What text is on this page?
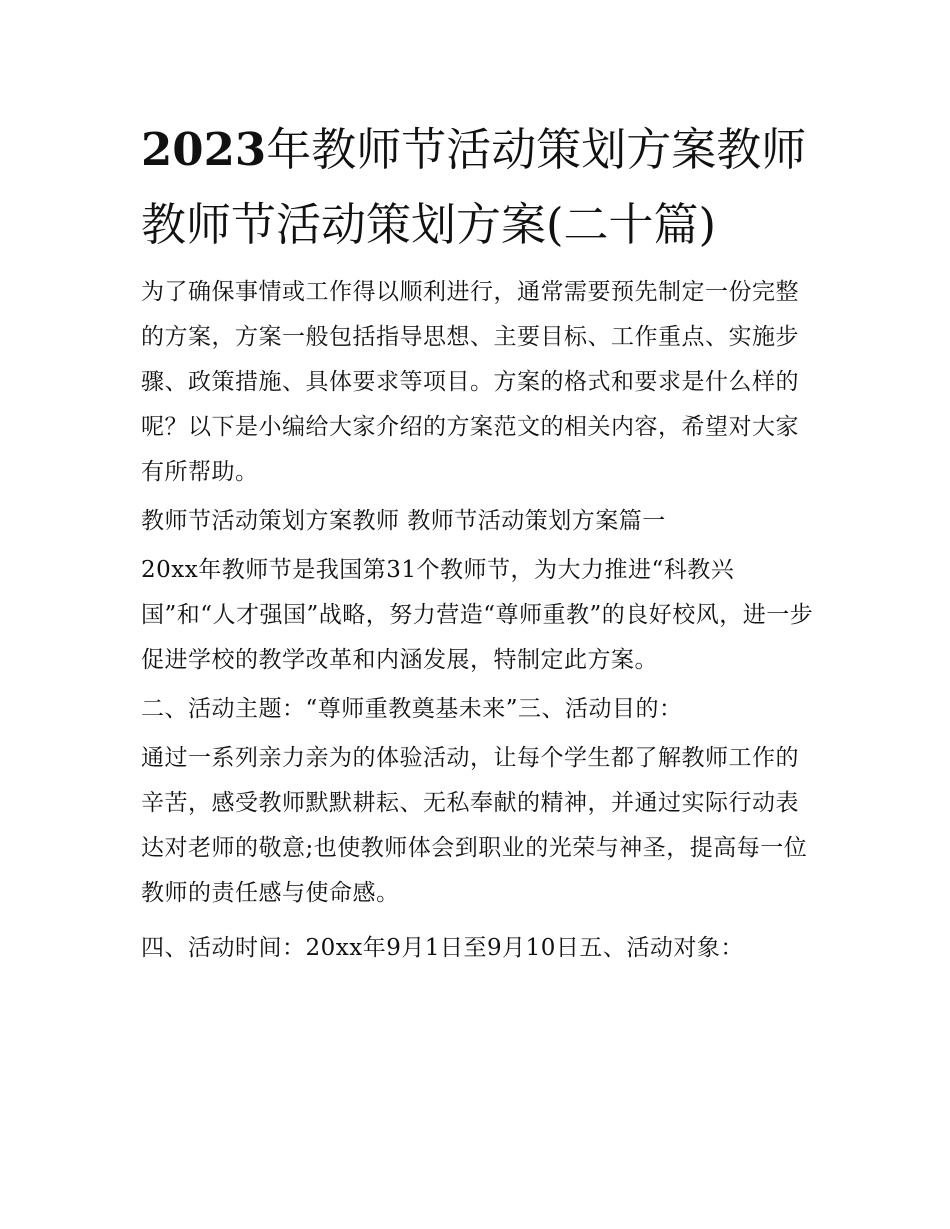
2023年教师节活动策划方案教师 教师节活动策划方案(二十篇)

为了确保事情或工作得以顺利进行，通常需要预先制定一份完整的方案，方案一般包括指导思想、主要目标、工作重点、实施步骤、政策措施、具体要求等项目。方案的格式和要求是什么样的呢？以下是小编给大家介绍的方案范文的相关内容，希望对大家有所帮助。

教师节活动策划方案教师 教师节活动策划方案篇一

20xx年教师节是我国第31个教师节，为大力推进“科教兴国”和“人才强国”战略，努力营造“尊师重教”的良好校风，进一步促进学校的教学改革和内涵发展，特制定此方案。

二、活动主题：“尊师重教奠基未来”三、活动目的：

通过一系列亲力亲为的体验活动，让每个学生都了解教师工作的辛苦，感受教师默默耕耘、无私奉献的精神，并通过实际行动表达对老师的敬意;也使教师体会到职业的光荣与神圣，提高每一位教师的责任感与使命感。

四、活动时间：20xx年9月1日至9月10日五、活动对象：
